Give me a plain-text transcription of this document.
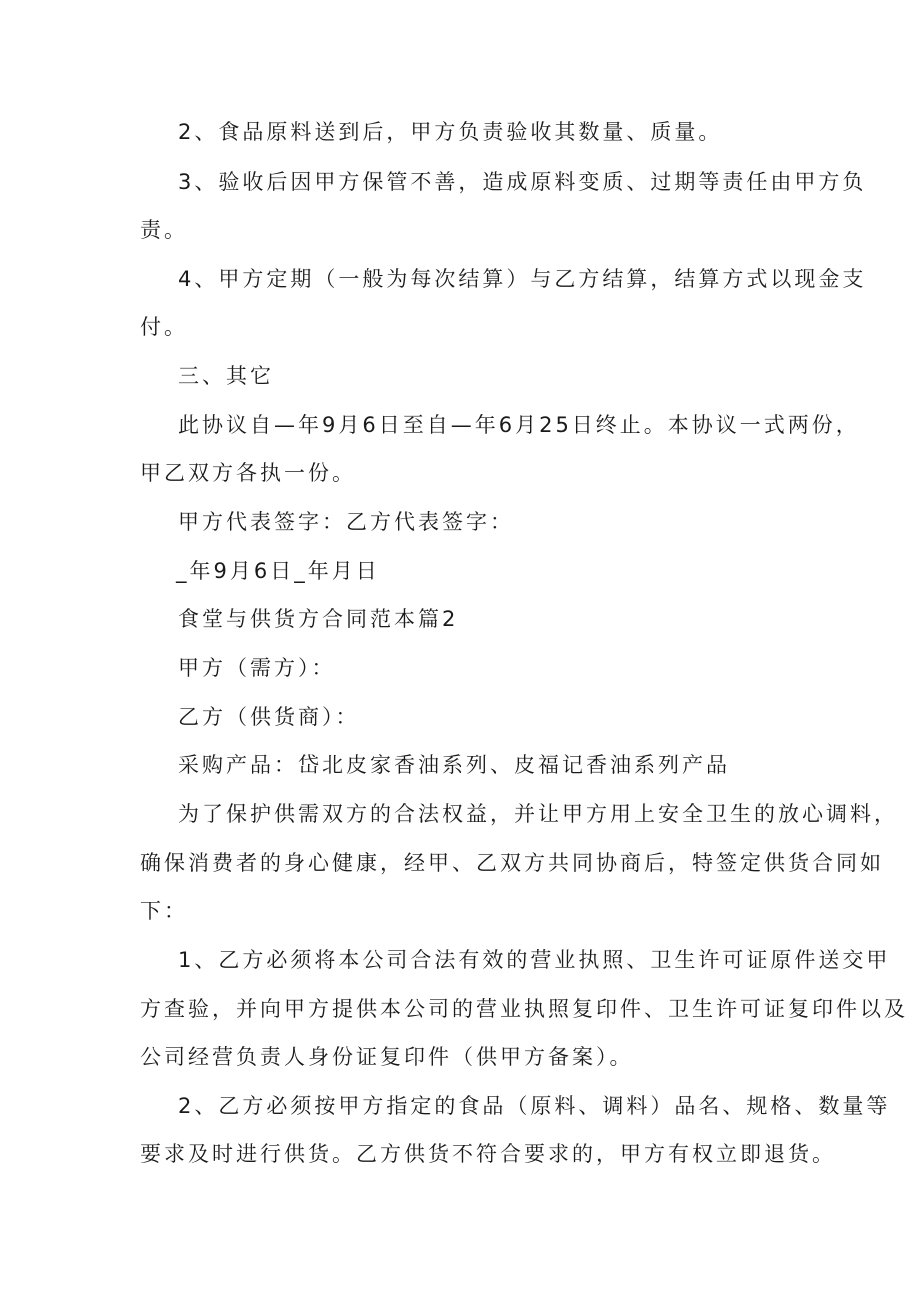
2、食品原料送到后，甲方负责验收其数量、质量。
3、验收后因甲方保管不善，造成原料变质、过期等责任由甲方负
责。
4、甲方定期（一般为每次结算）与乙方结算，结算方式以现金支
付。
三、其它
此协议自—年9月6日至自—年6月25日终止。本协议一式两份，
甲乙双方各执一份。
甲方代表签字：乙方代表签字：
_年9月6日_年月日
食堂与供货方合同范本篇2
甲方（需方）：
乙方（供货商）：
采购产品：岱北皮家香油系列、皮福记香油系列产品
为了保护供需双方的合法权益，并让甲方用上安全卫生的放心调料，
确保消费者的身心健康，经甲、乙双方共同协商后，特签定供货合同如
下：
1、乙方必须将本公司合法有效的营业执照、卫生许可证原件送交甲
方查验，并向甲方提供本公司的营业执照复印件、卫生许可证复印件以及
公司经营负责人身份证复印件（供甲方备案）。
2、乙方必须按甲方指定的食品（原料、调料）品名、规格、数量等
要求及时进行供货。乙方供货不符合要求的，甲方有权立即退货。
